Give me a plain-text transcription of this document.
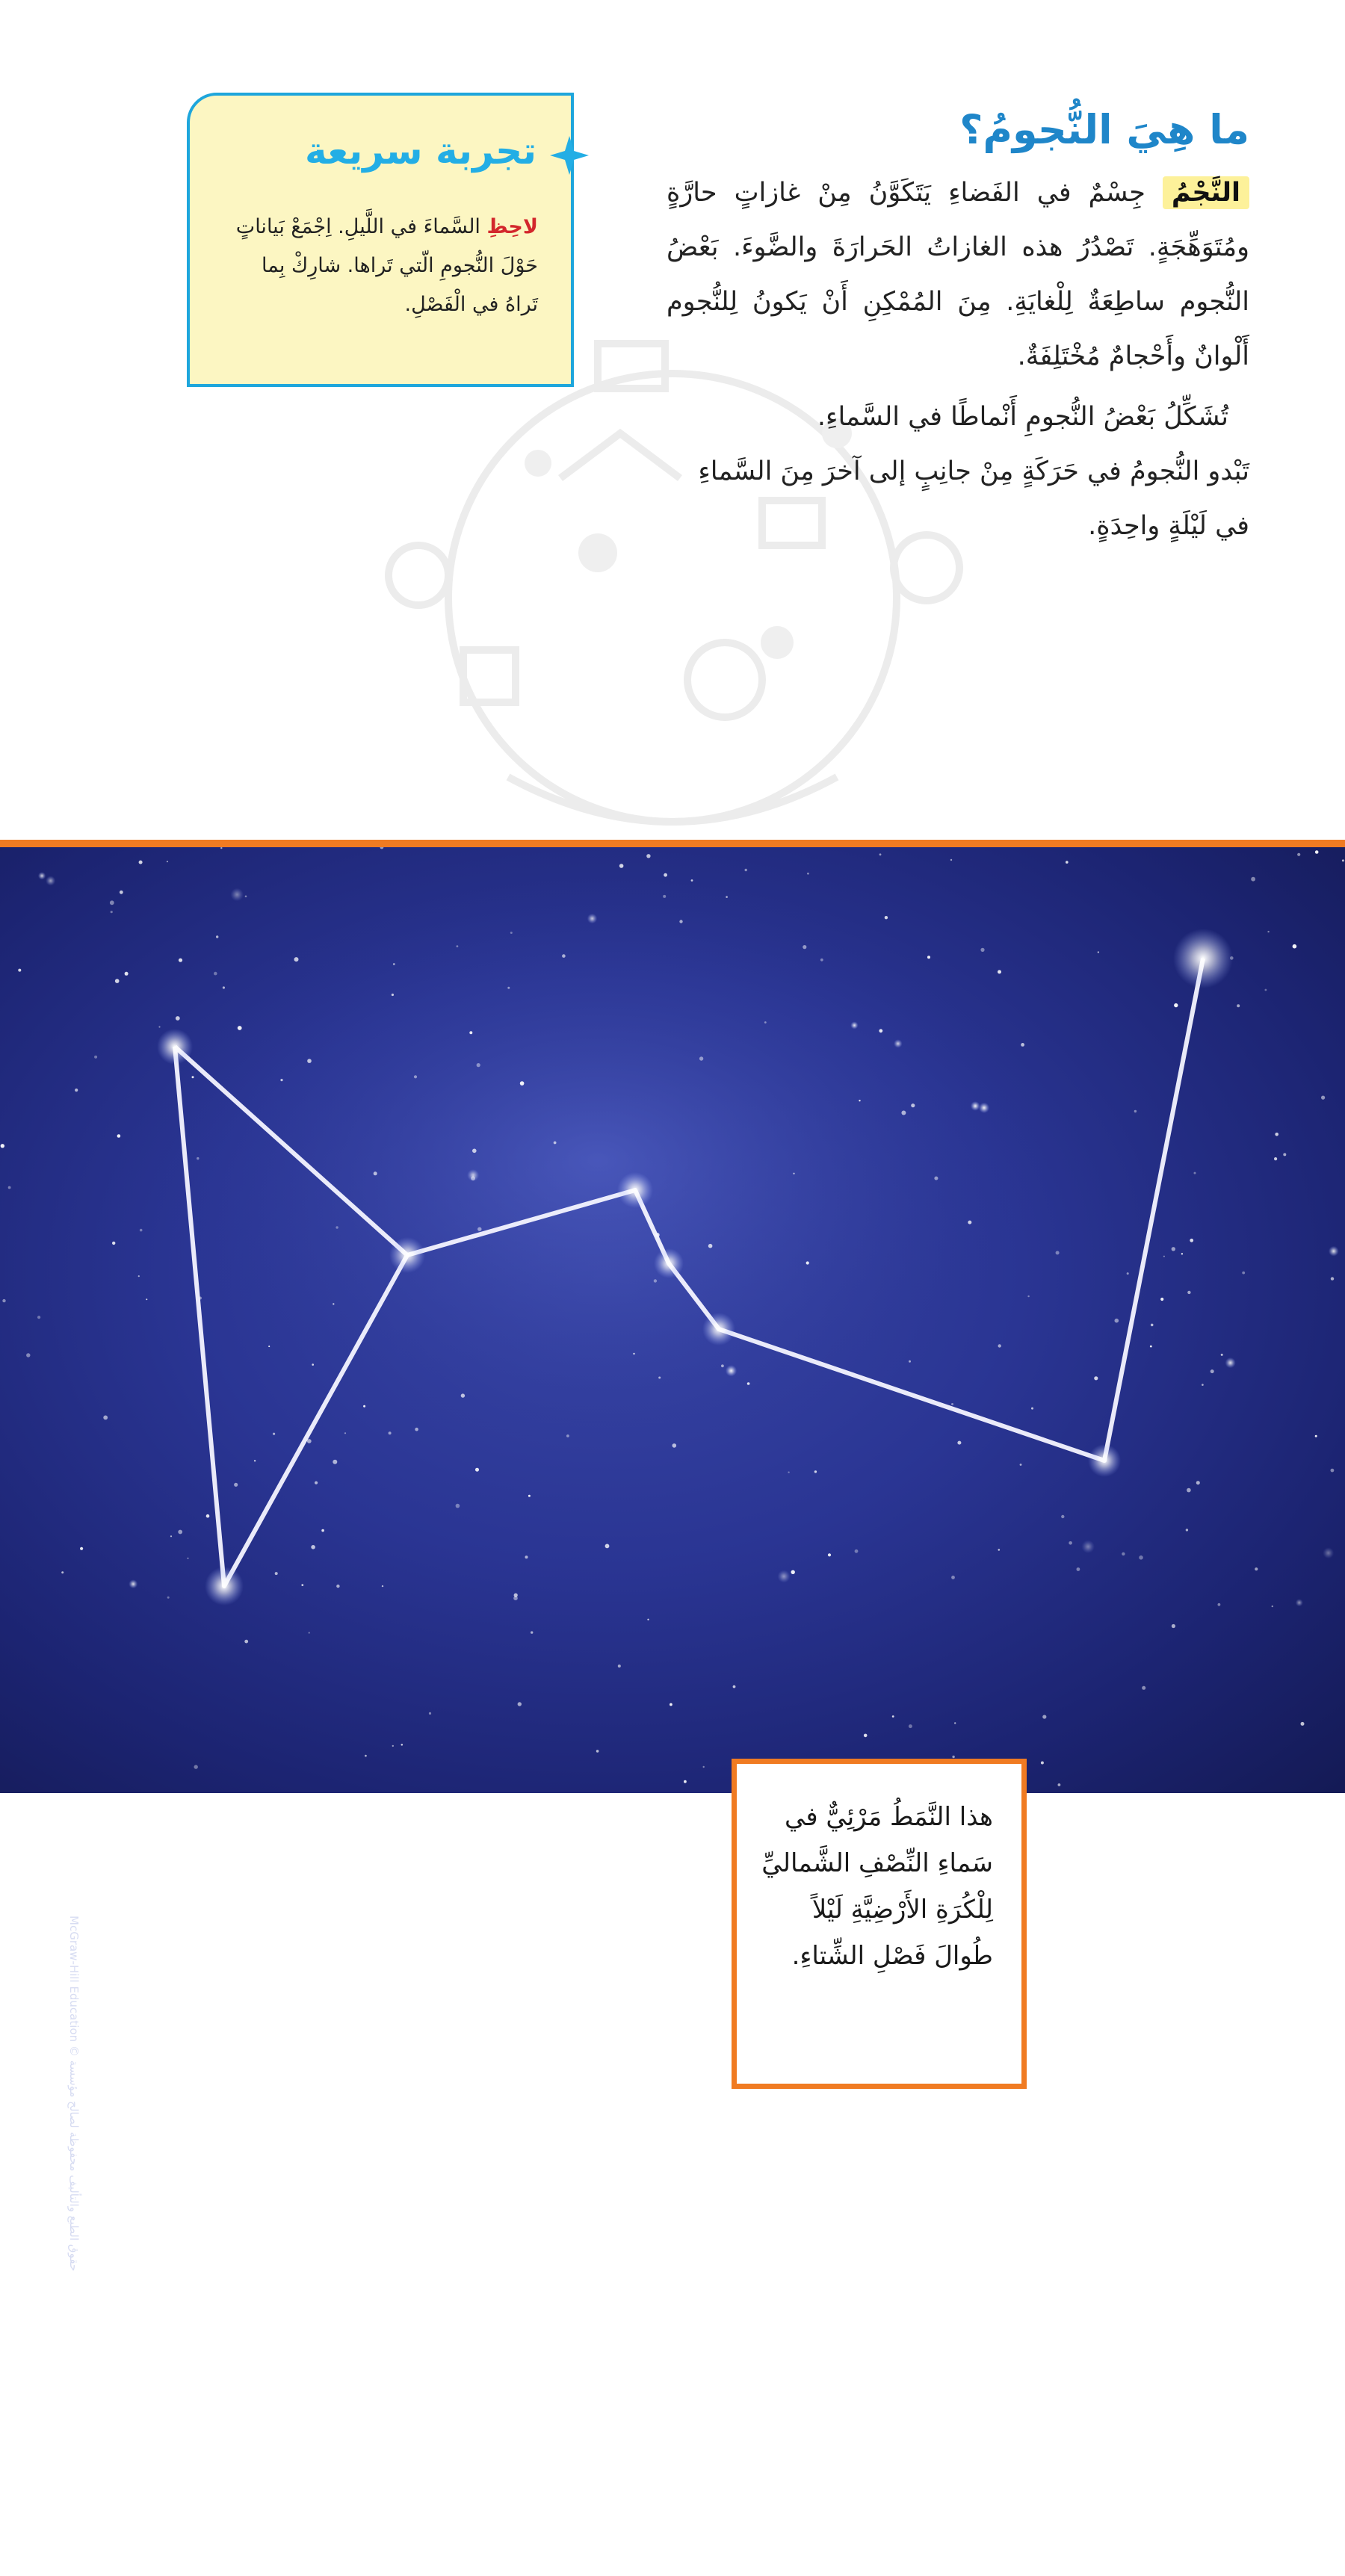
ما هِيَ النُّجومُ؟

النَّجْمُ جِسْمٌ في الفَضاءِ يَتَكَوَّنُ مِنْ غازاتٍ حارَّةٍ ومُتَوَهِّجَةٍ. تَصْدُرُ هذه الغازاتُ الحَرارَةَ والضَّوءَ. بَعْضُ النُّجوم ساطِعَةٌ لِلْغايَةِ. مِنَ المُمْكِنِ أَنْ يَكونُ لِلنُّجوم أَلْوانٌ وأَحْجامٌ مُخْتَلِفَةٌ.

تُشَكِّلُ بَعْضُ النُّجومِ أَنْماطًا في السَّماءِ.

تَبْدو النُّجومُ في حَرَكَةٍ مِنْ جانِبٍ إلى آخرَ مِنَ السَّماءِ في لَيْلَةٍ واحِدَةٍ.

تجربة سريعة
لاحِظِ السَّماءَ في اللَّيلِ. اِجْمَعْ بَياناتٍ حَوْلَ النُّجومِ الّتي تَراها. شارِكْ بِما تَراهُ في الْفَصْلِ.
هذا النَّمَطُ مَرْئِيٌّ في سَماءِ النِّصْفِ الشَّماليِّ لِلْكُرَةِ الأَرْضِيَّةِ لَيْلاً طُوالَ فَصْلِ الشِّتاءِ.
McGraw-Hill Education © حقوق الطبع والتأليف محفوظة لصالح مؤسسة
288
الشرح
